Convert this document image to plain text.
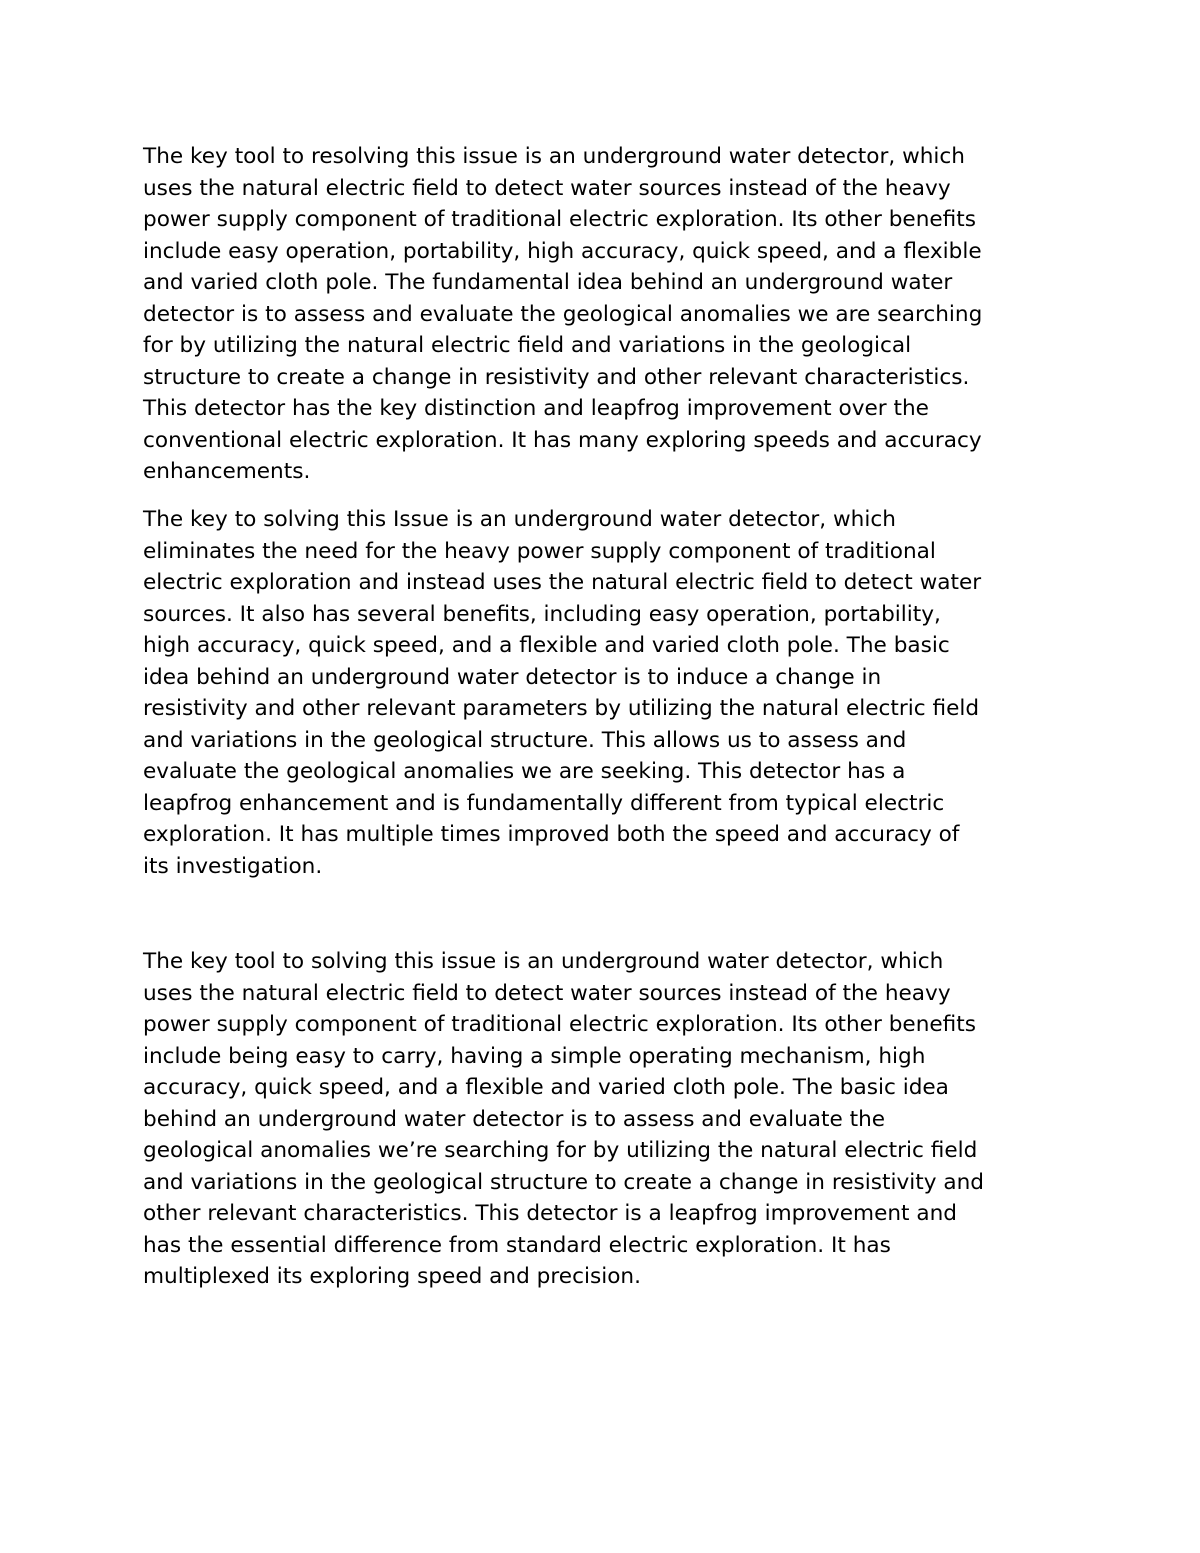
The key tool to resolving this issue is an underground water detector, which
uses the natural electric field to detect water sources instead of the heavy
power supply component of traditional electric exploration. Its other benefits
include easy operation, portability, high accuracy, quick speed, and a flexible
and varied cloth pole. The fundamental idea behind an underground water
detector is to assess and evaluate the geological anomalies we are searching
for by utilizing the natural electric field and variations in the geological
structure to create a change in resistivity and other relevant characteristics.
This detector has the key distinction and leapfrog improvement over the
conventional electric exploration. It has many exploring speeds and accuracy
enhancements.

The key to solving this Issue is an underground water detector, which
eliminates the need for the heavy power supply component of traditional
electric exploration and instead uses the natural electric field to detect water
sources. It also has several benefits, including easy operation, portability,
high accuracy, quick speed, and a flexible and varied cloth pole. The basic
idea behind an underground water detector is to induce a change in
resistivity and other relevant parameters by utilizing the natural electric field
and variations in the geological structure. This allows us to assess and
evaluate the geological anomalies we are seeking. This detector has a
leapfrog enhancement and is fundamentally different from typical electric
exploration. It has multiple times improved both the speed and accuracy of
its investigation.

The key tool to solving this issue is an underground water detector, which
uses the natural electric field to detect water sources instead of the heavy
power supply component of traditional electric exploration. Its other benefits
include being easy to carry, having a simple operating mechanism, high
accuracy, quick speed, and a flexible and varied cloth pole. The basic idea
behind an underground water detector is to assess and evaluate the
geological anomalies we’re searching for by utilizing the natural electric field
and variations in the geological structure to create a change in resistivity and
other relevant characteristics. This detector is a leapfrog improvement and
has the essential difference from standard electric exploration. It has
multiplexed its exploring speed and precision.
